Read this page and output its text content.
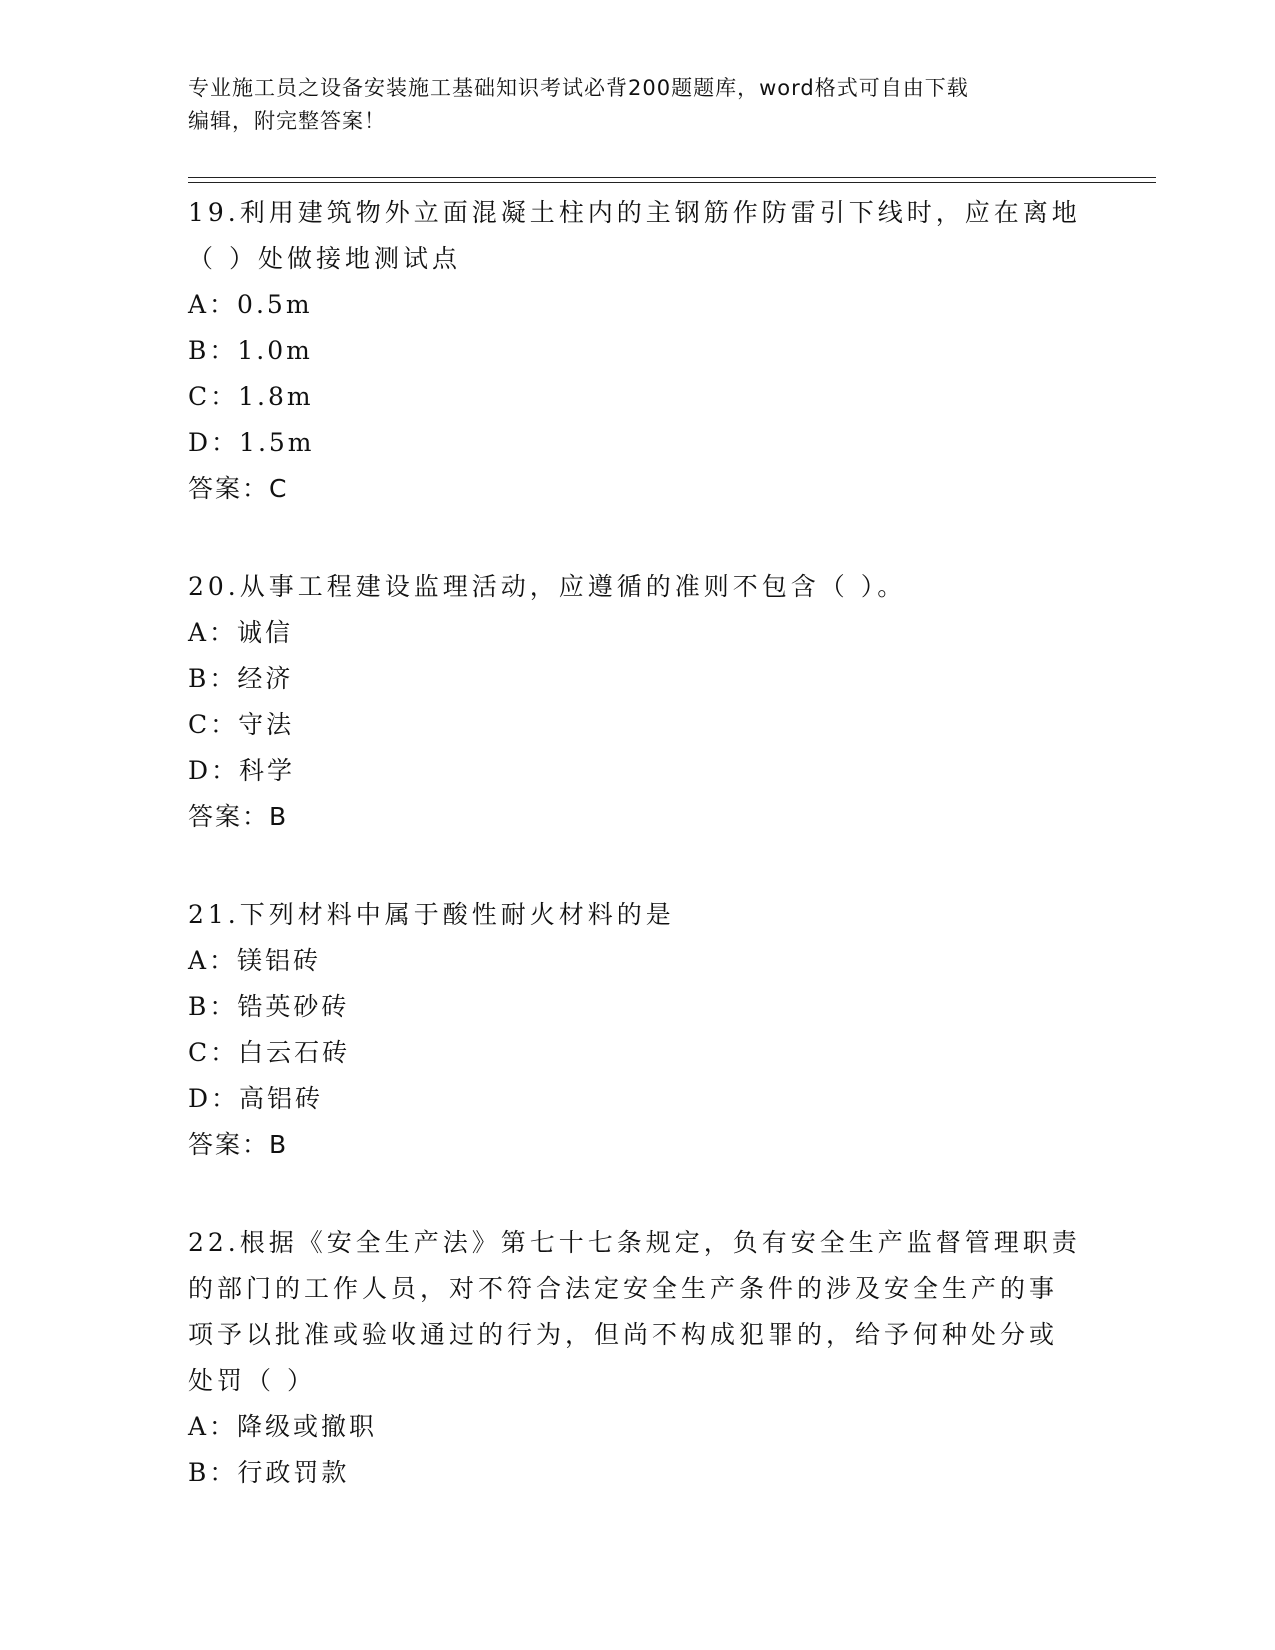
专业施工员之设备安装施工基础知识考试必背200题题库，word格式可自由下载
编辑，附完整答案！
19.利用建筑物外立面混凝土柱内的主钢筋作防雷引下线时，应在离地
（ ）处做接地测试点
A：0.5m
B：1.0m
C：1.8m
D：1.5m
答案：C
20.从事工程建设监理活动，应遵循的准则不包含（ ）。
A：诚信
B：经济
C：守法
D：科学
答案：B
21.下列材料中属于酸性耐火材料的是
A：镁铝砖
B：锆英砂砖
C：白云石砖
D：高铝砖
答案：B
22.根据《安全生产法》第七十七条规定，负有安全生产监督管理职责
的部门的工作人员，对不符合法定安全生产条件的涉及安全生产的事
项予以批准或验收通过的行为，但尚不构成犯罪的，给予何种处分或
处罚（ ）
A：降级或撤职
B：行政罚款
